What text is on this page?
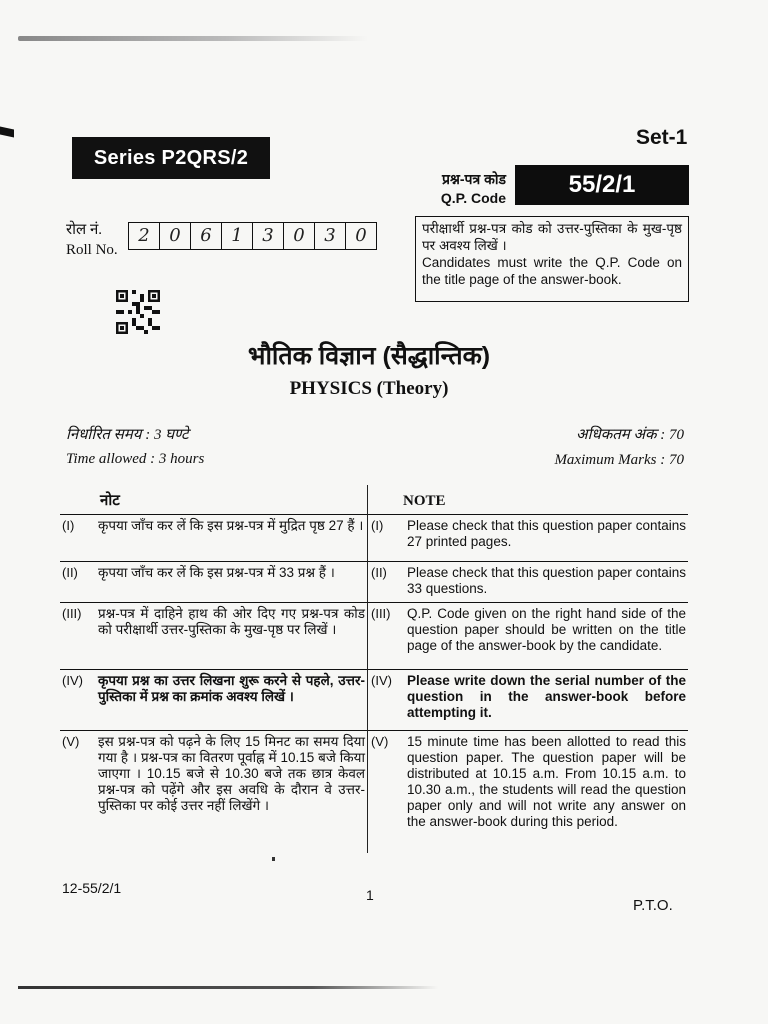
Set-1
Series P2QRS/2
प्रश्न-पत्र कोड
Q.P. Code	55/2/1
परीक्षार्थी प्रश्न-पत्र कोड को उत्तर-पुस्तिका के मुख-पृष्ठ पर अवश्य लिखें ।
Candidates must write the Q.P. Code on the title page of the answer-book.
रोल नं.
Roll No.
2	0	6	1	3	0	3	0
भौतिक विज्ञान (सैद्धान्तिक)
PHYSICS (Theory)
निर्धारित समय : 3 घण्टे
Time allowed : 3 hours
अधिकतम अंक : 70
Maximum Marks : 70
नोट	NOTE
(I)	कृपया जाँच कर लें कि इस प्रश्न-पत्र में मुद्रित पृष्ठ 27 हैं । (I)	Please check that this question paper contains 27 printed pages.
(II)	कृपया जाँच कर लें कि इस प्रश्न-पत्र में 33 प्रश्न हैं ।	(II)	Please check that this question paper contains 33 questions.
(III)	प्रश्न-पत्र में दाहिने हाथ की ओर दिए गए प्रश्न-पत्र कोड को परीक्षार्थी उत्तर-पुस्तिका के मुख-पृष्ठ पर लिखें ।
(III)	Q.P. Code given on the right hand side of the question paper should be written on the title page of the answer-book by the candidate.
(IV)	कृपया प्रश्न का उत्तर लिखना शुरू करने से पहले, उत्तर-पुस्तिका में प्रश्न का क्रमांक अवश्य लिखें ।
(IV)	Please write down the serial number of the question in the answer-book before attempting it.
(V)	इस प्रश्न-पत्र को पढ़ने के लिए 15 मिनट का समय दिया गया है । प्रश्न-पत्र का वितरण पूर्वाह्न में 10.15 बजे किया जाएगा । 10.15 बजे से 10.30 बजे तक छात्र केवल प्रश्न-पत्र को पढ़ेंगे और इस अवधि के दौरान वे उत्तर-पुस्तिका पर कोई उत्तर नहीं लिखेंगे ।
(V)	15 minute time has been allotted to read this question paper. The question paper will be distributed at 10.15 a.m. From 10.15 a.m. to 10.30 a.m., the students will read the question paper only and will not write any answer on the answer-book during this period.
12-55/2/1	1
P.T.O.
